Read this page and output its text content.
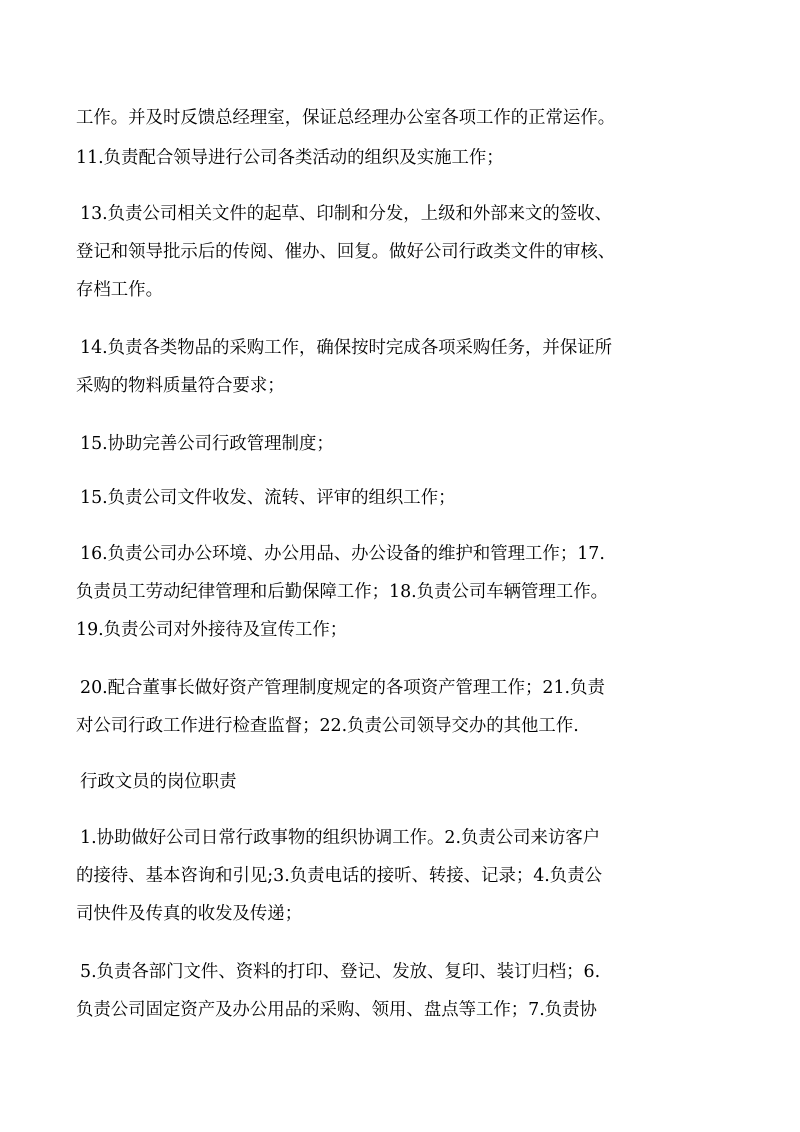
工作。并及时反馈总经理室，保证总经理办公室各项工作的正常运作。
11.负责配合领导进行公司各类活动的组织及实施工作；
13.负责公司相关文件的起草、印制和分发，上级和外部来文的签收、
登记和领导批示后的传阅、催办、回复。做好公司行政类文件的审核、
存档工作。
14.负责各类物品的采购工作，确保按时完成各项采购任务，并保证所
采购的物料质量符合要求；
15.协助完善公司行政管理制度；
15.负责公司文件收发、流转、评审的组织工作；
16.负责公司办公环境、办公用品、办公设备的维护和管理工作；17.
负责员工劳动纪律管理和后勤保障工作；18.负责公司车辆管理工作。
19.负责公司对外接待及宣传工作；
20.配合董事长做好资产管理制度规定的各项资产管理工作；21.负责
对公司行政工作进行检查监督；22.负责公司领导交办的其他工作.
行政文员的岗位职责
1.协助做好公司日常行政事物的组织协调工作。2.负责公司来访客户
的接待、基本咨询和引见;3.负责电话的接听、转接、记录；4.负责公
司快件及传真的收发及传递；
5.负责各部门文件、资料的打印、登记、发放、复印、装订归档；6.
负责公司固定资产及办公用品的采购、领用、盘点等工作；7.负责协
